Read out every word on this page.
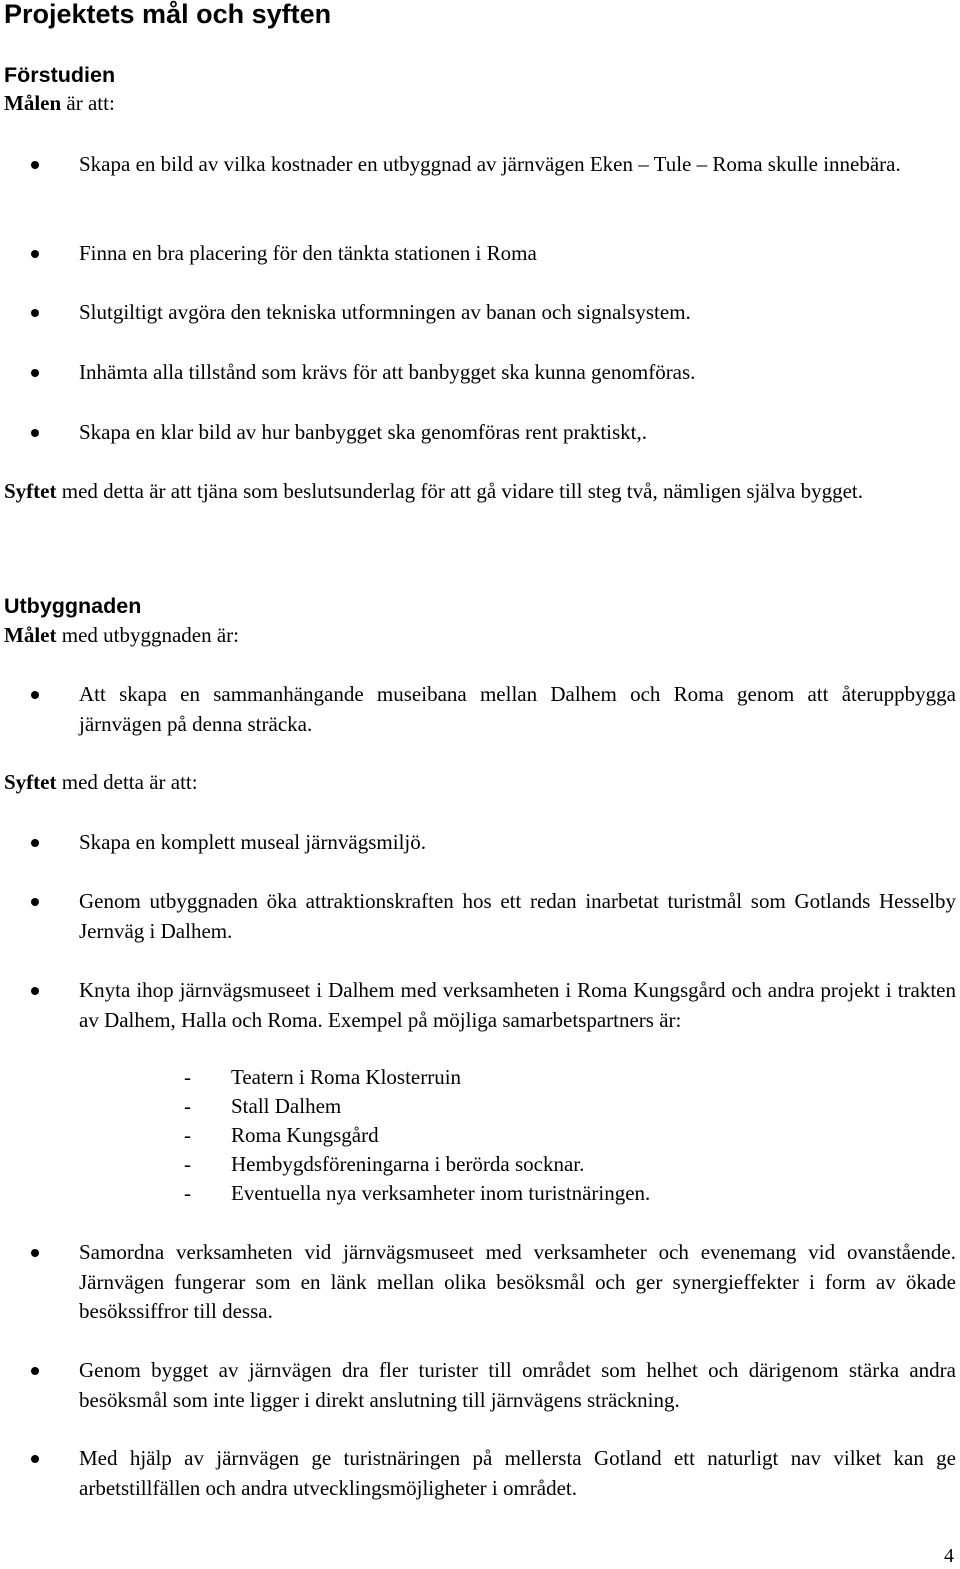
Projektets mål och syften
Förstudien
Målen är att:
Skapa en bild av vilka kostnader en utbyggnad av järnvägen Eken – Tule – Roma skulle innebära.
Finna en bra placering för den tänkta stationen i Roma
Slutgiltigt avgöra den tekniska utformningen av banan och signalsystem.
Inhämta alla tillstånd som krävs för att banbygget ska kunna genomföras.
Skapa en klar bild av hur banbygget ska genomföras rent praktiskt,.
Syftet med detta är att tjäna som beslutsunderlag för att gå vidare till steg två, nämligen själva bygget.
Utbyggnaden
Målet med utbyggnaden är:
Att skapa en sammanhängande museibana mellan Dalhem och Roma genom att återuppbygga järnvägen på denna sträcka.
Syftet med detta är att:
Skapa en komplett museal järnvägsmiljö.
Genom utbyggnaden öka attraktionskraften hos ett redan inarbetat turistmål som Gotlands Hesselby Jernväg i Dalhem.
Knyta ihop järnvägsmuseet i Dalhem med verksamheten i Roma Kungsgård och andra projekt i trakten av Dalhem, Halla och Roma. Exempel på möjliga samarbetspartners är:
- Teatern i Roma Klosterruin
- Stall Dalhem
- Roma Kungsgård
- Hembygdsföreningarna i berörda socknar.
- Eventuella nya verksamheter inom turistnäringen.
Samordna verksamheten vid järnvägsmuseet med verksamheter och evenemang vid ovanstående. Järnvägen fungerar som en länk mellan olika besöksmål och ger synergieffekter i form av ökade besökssiffror till dessa.
Genom bygget av järnvägen dra fler turister till området som helhet och därigenom stärka andra besöksmål som inte ligger i direkt anslutning till järnvägens sträckning.
Med hjälp av järnvägen ge turistnäringen på mellersta Gotland ett naturligt nav vilket kan ge arbetstillfällen och andra utvecklingsmöjligheter i området.
4
